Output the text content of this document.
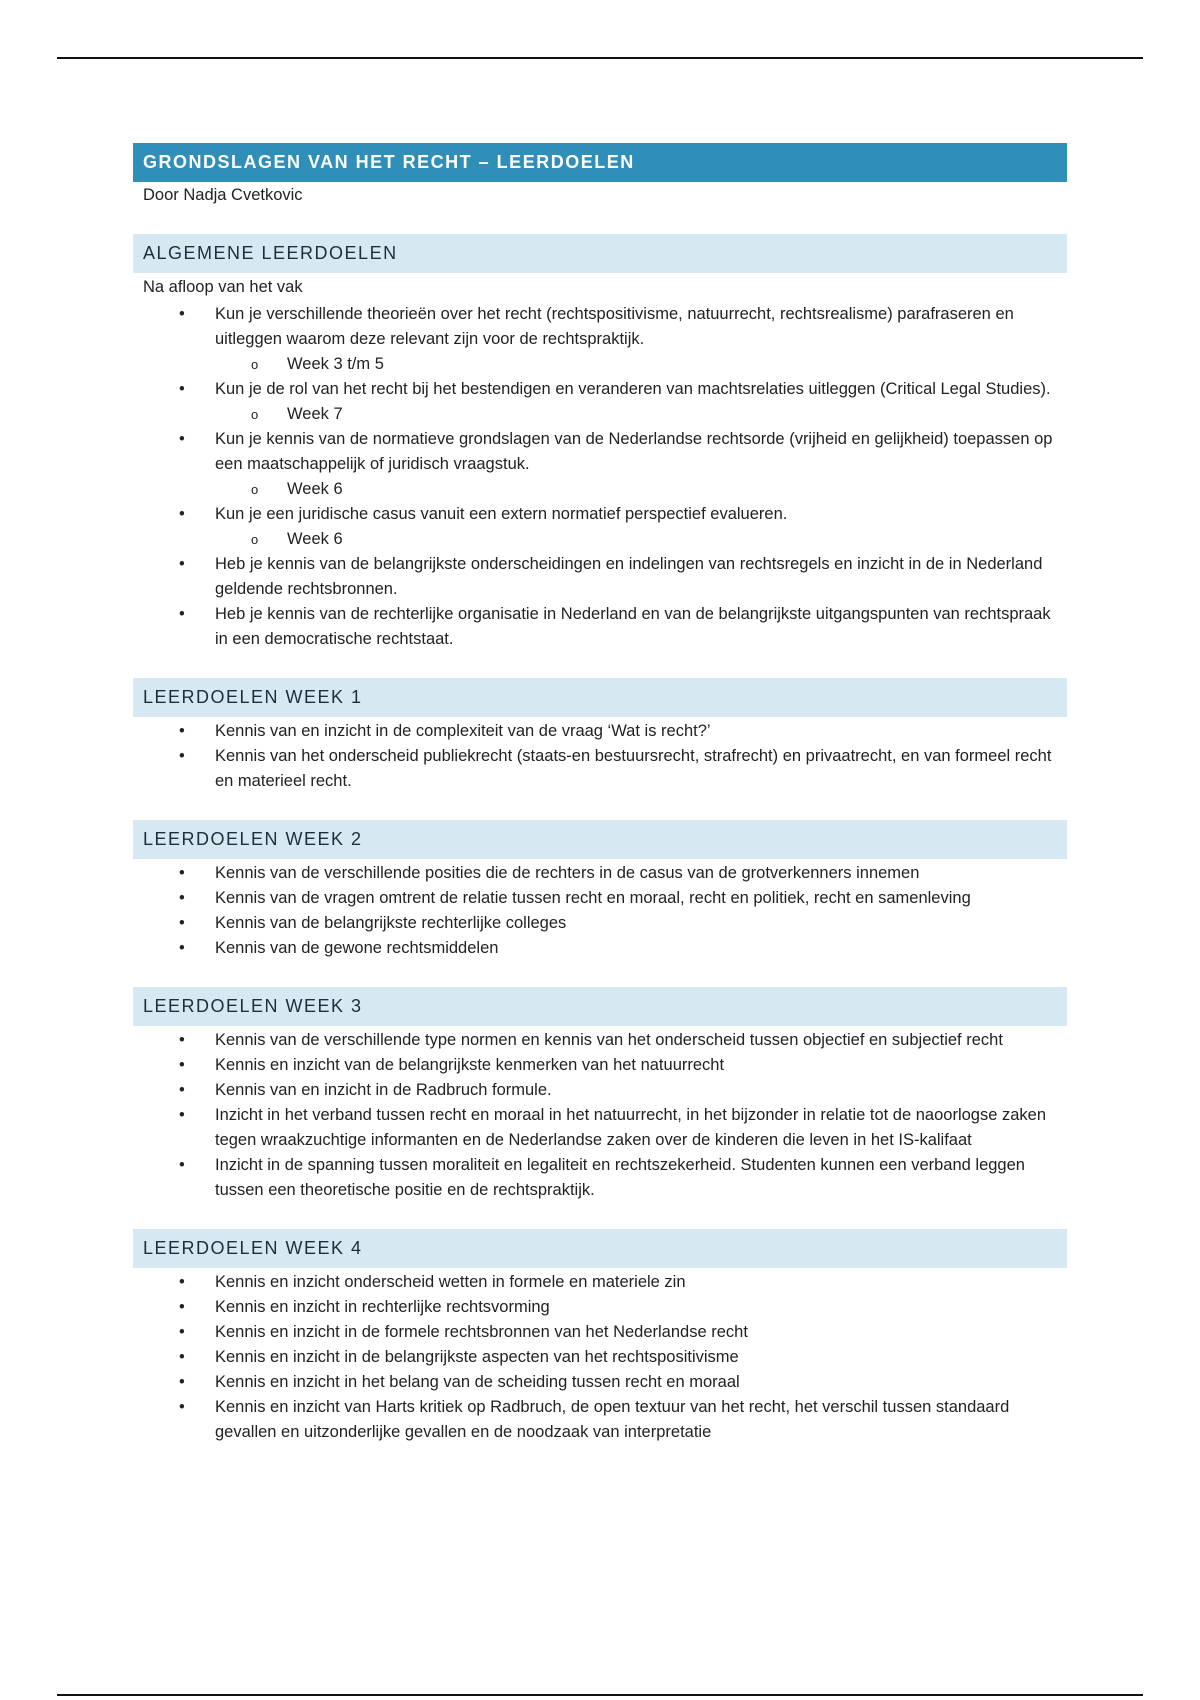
GRONDSLAGEN VAN HET RECHT – LEERDOELEN
Door Nadja Cvetkovic
ALGEMENE LEERDOELEN
Na afloop van het vak
• Kun je verschillende theorieën over het recht (rechtspositivisme, natuurrecht, rechtsrealisme) parafraseren en uitleggen waarom deze relevant zijn voor de rechtspraktijk.
o Week 3 t/m 5
• Kun je de rol van het recht bij het bestendigen en veranderen van machtsrelaties uitleggen (Critical Legal Studies).
o Week 7
• Kun je kennis van de normatieve grondslagen van de Nederlandse rechtsorde (vrijheid en gelijkheid) toepassen op een maatschappelijk of juridisch vraagstuk.
o Week 6
• Kun je een juridische casus vanuit een extern normatief perspectief evalueren.
o Week 6
• Heb je kennis van de belangrijkste onderscheidingen en indelingen van rechtsregels en inzicht in de in Nederland geldende rechtsbronnen.
• Heb je kennis van de rechterlijke organisatie in Nederland en van de belangrijkste uitgangspunten van rechtspraak in een democratische rechtstaat.
LEERDOELEN WEEK 1
• Kennis van en inzicht in de complexiteit van de vraag ‘Wat is recht?’
• Kennis van het onderscheid publiekrecht (staats-en bestuursrecht, strafrecht) en privaatrecht, en van formeel recht en materieel recht.
LEERDOELEN WEEK 2
• Kennis van de verschillende posities die de rechters in de casus van de grotverkenners innemen
• Kennis van de vragen omtrent de relatie tussen recht en moraal, recht en politiek, recht en samenleving
• Kennis van de belangrijkste rechterlijke colleges
• Kennis van de gewone rechtsmiddelen
LEERDOELEN WEEK 3
• Kennis van de verschillende type normen en kennis van het onderscheid tussen objectief en subjectief recht
• Kennis en inzicht van de belangrijkste kenmerken van het natuurrecht
• Kennis van en inzicht in de Radbruch formule.
• Inzicht in het verband tussen recht en moraal in het natuurrecht, in het bijzonder in relatie tot de naoorlogse zaken tegen wraakzuchtige informanten en de Nederlandse zaken over de kinderen die leven in het IS-kalifaat
• Inzicht in de spanning tussen moraliteit en legaliteit en rechtszekerheid. Studenten kunnen een verband leggen tussen een theoretische positie en de rechtspraktijk.
LEERDOELEN WEEK 4
• Kennis en inzicht onderscheid wetten in formele en materiele zin
• Kennis en inzicht in rechterlijke rechtsvorming
• Kennis en inzicht in de formele rechtsbronnen van het Nederlandse recht
• Kennis en inzicht in de belangrijkste aspecten van het rechtspositivisme
• Kennis en inzicht in het belang van de scheiding tussen recht en moraal
• Kennis en inzicht van Harts kritiek op Radbruch, de open textuur van het recht, het verschil tussen standaard gevallen en uitzonderlijke gevallen en de noodzaak van interpretatie
